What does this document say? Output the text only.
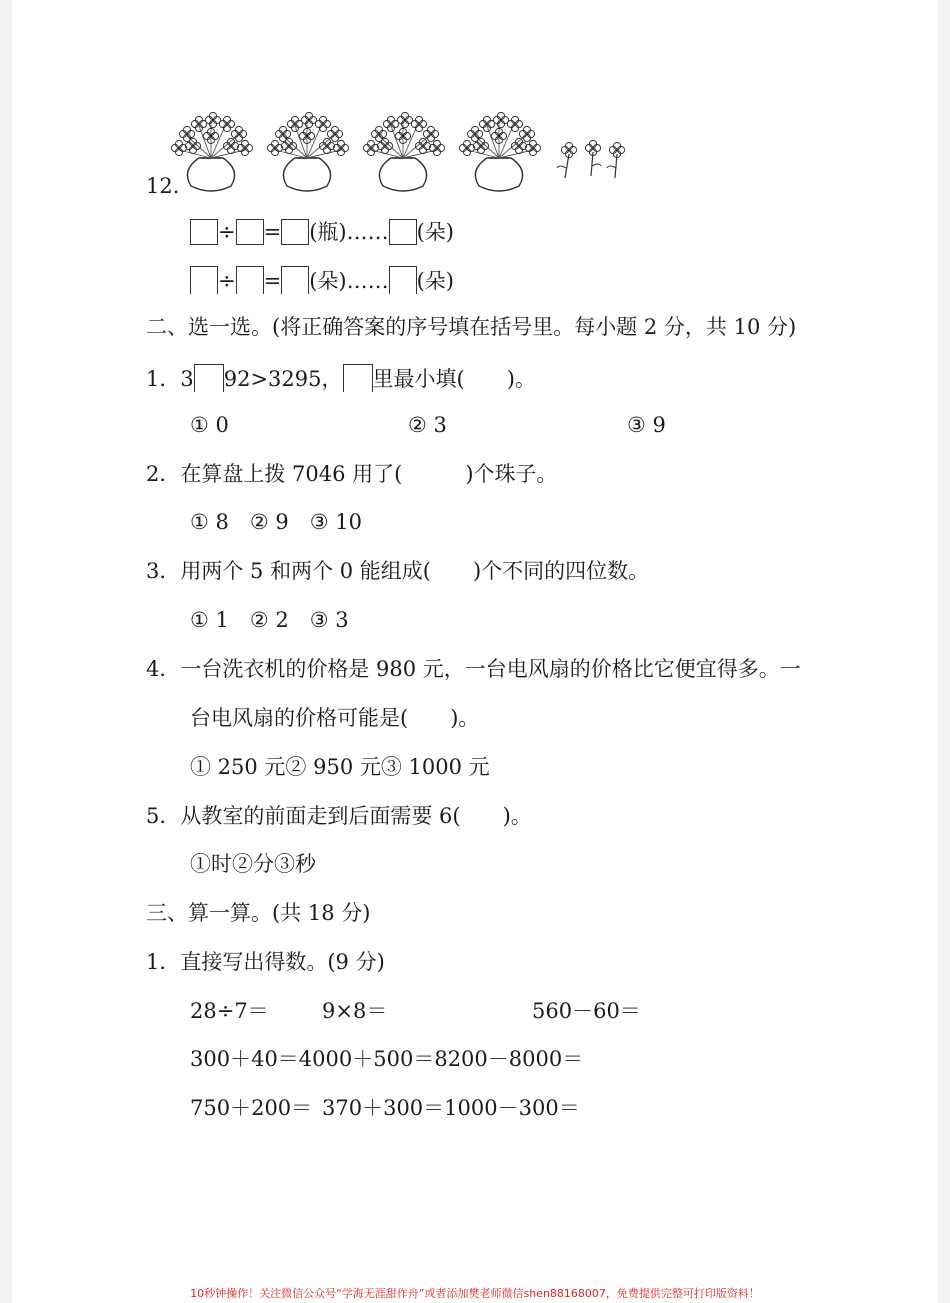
12.
÷ = (瓶)…… (朵)
÷ = (朵)…… (朵)
二、选一选。(将正确答案的序号填在括号里。每小题 2 分，共 10 分)
1．3 92>3295， 里最小填(　　)。
① 0	② 3	③ 9
2．在算盘上拨 7046 用了(　　　)个珠子。
① 8　② 9　③ 10
3．用两个 5 和两个 0 能组成(　　)个不同的四位数。
① 1　② 2　③ 3
4．一台洗衣机的价格是 980 元，一台电风扇的价格比它便宜得多。一
台电风扇的价格可能是(　　)。
① 250 元② 950 元③ 1000 元
5．从教室的前面走到后面需要 6(　　)。
①时②分③秒
三、算一算。(共 18 分)
1．直接写出得数。(9 分)
28÷7＝	9×8＝	560－60＝
300＋40＝4000＋500＝8200－8000＝
750＋200＝ 370＋300＝1000－300＝
10秒钟操作！关注微信公众号“学海无涯甜作舟”或者添加樊老师微信shen88168007，免费提供完整可打印版资料！
